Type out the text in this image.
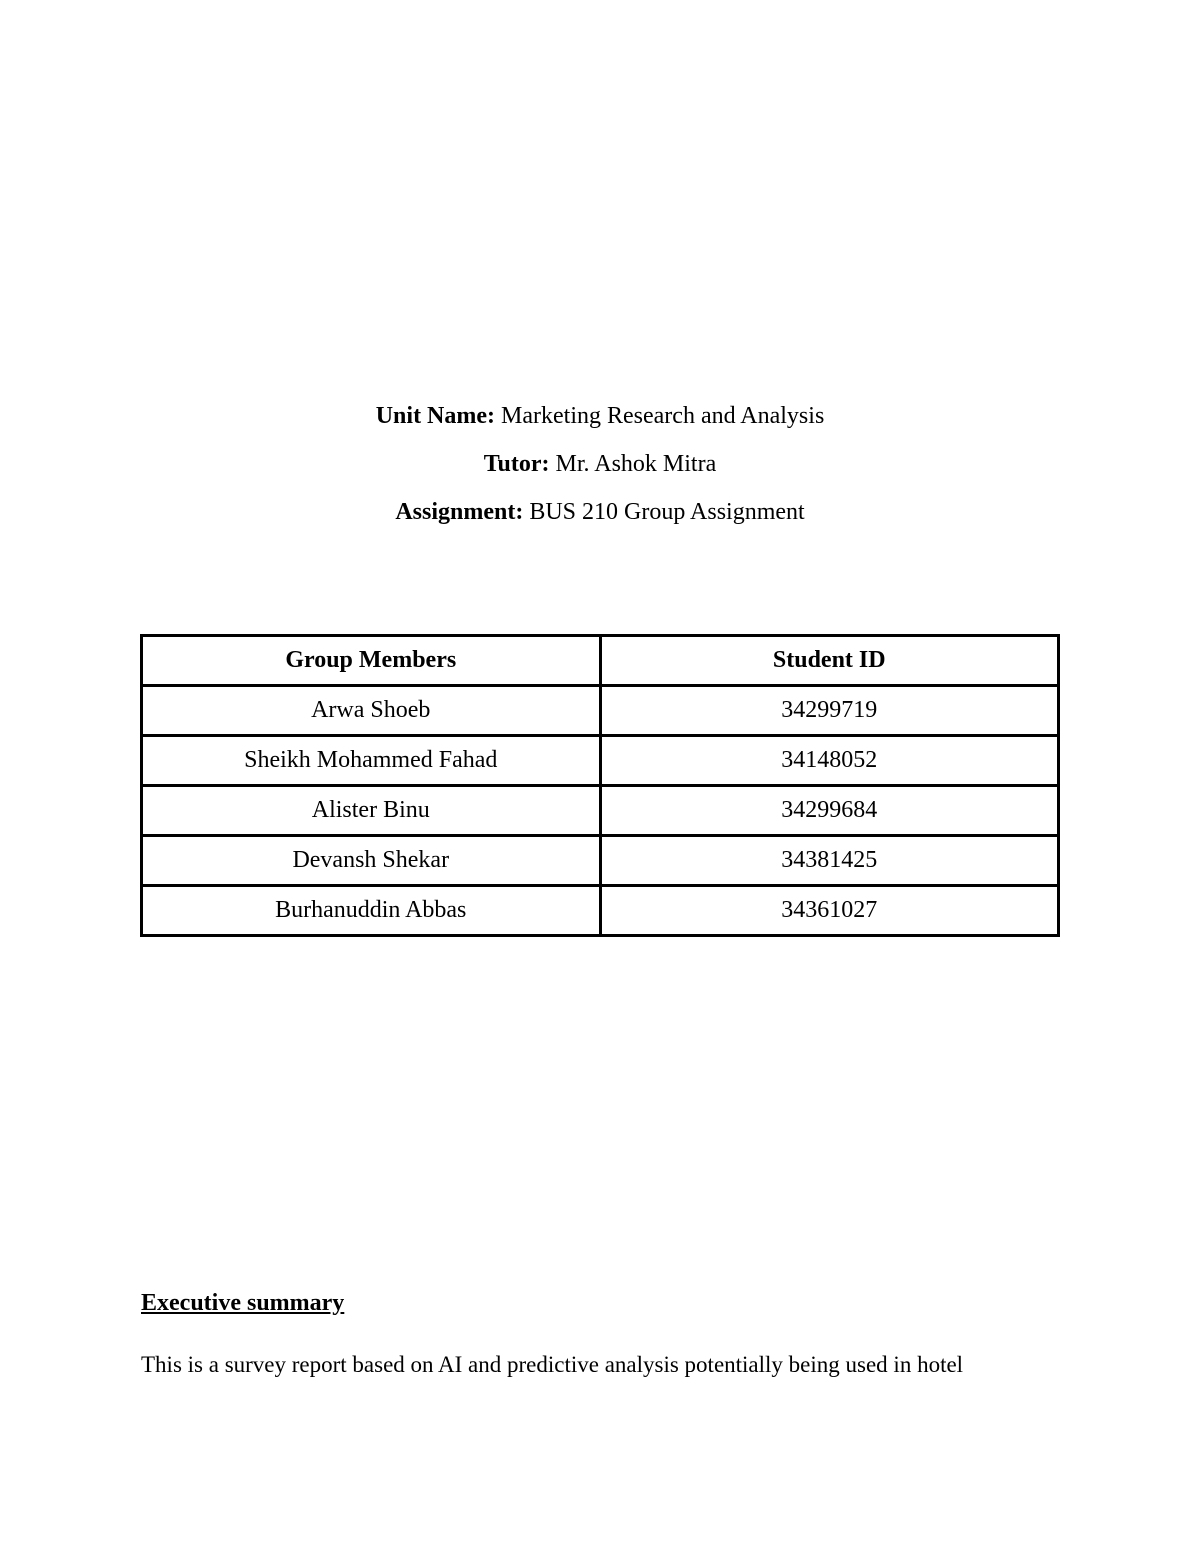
Unit Name: Marketing Research and Analysis
Tutor: Mr. Ashok Mitra
Assignment: BUS 210 Group Assignment
Group Members	Student ID
Arwa Shoeb	34299719
Sheikh Mohammed Fahad	34148052
Alister Binu	34299684
Devansh Shekar	34381425
Burhanuddin Abbas	34361027
Executive summary

This is a survey report based on AI and predictive analysis potentially being used in hotel
